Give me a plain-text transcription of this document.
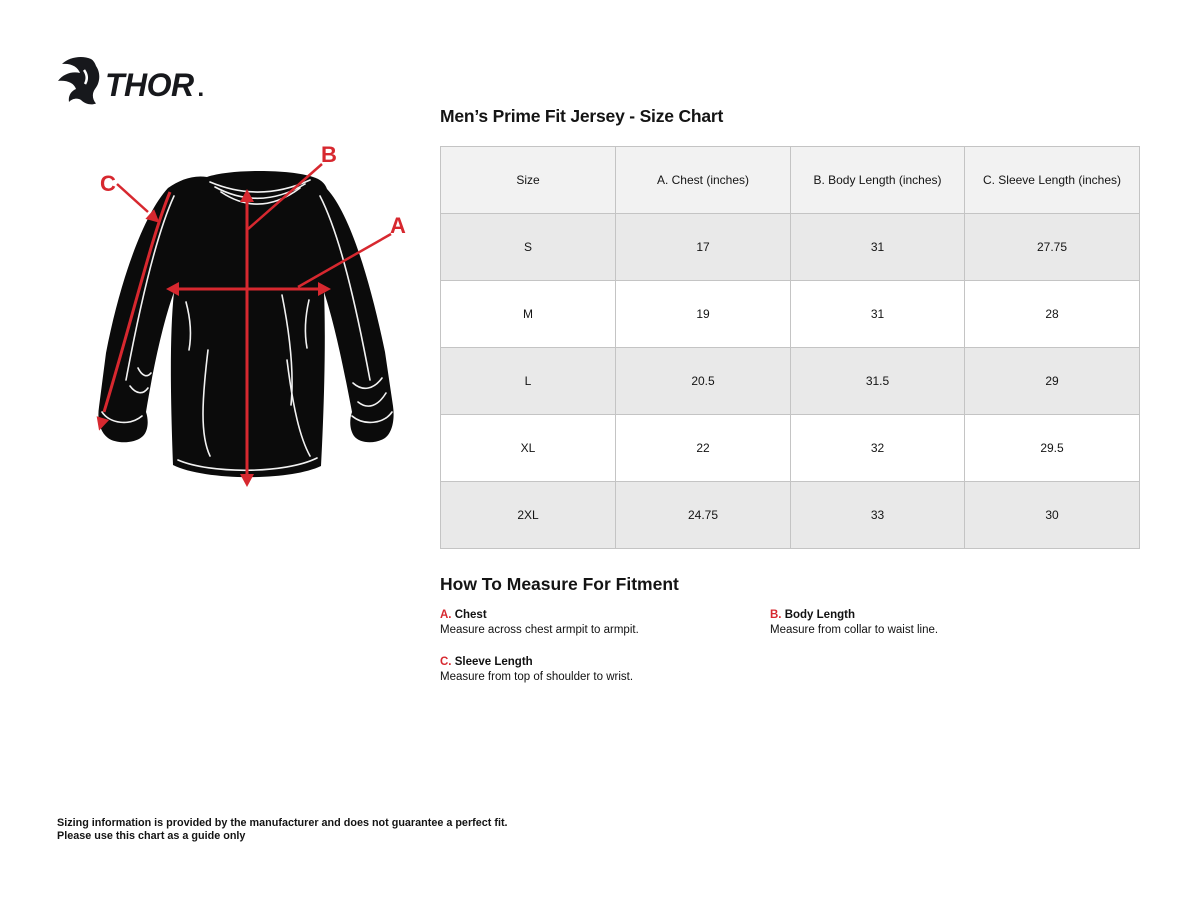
THOR
A
B
C
Men’s Prime Fit Jersey - Size Chart
Size	A. Chest (inches)	B. Body Length (inches)	C. Sleeve Length (inches)
S	17	31	27.75
M	19	31	28
L	20.5	31.5	29
XL	22	32	29.5
2XL	24.75	33	30
How To Measure For Fitment
A. Chest
Measure across chest armpit to armpit.
B. Body Length
Measure from collar to waist line.
C. Sleeve Length
Measure from top of shoulder to wrist.
Sizing information is provided by the manufacturer and does not guarantee a perfect fit.
Please use this chart as a guide only
